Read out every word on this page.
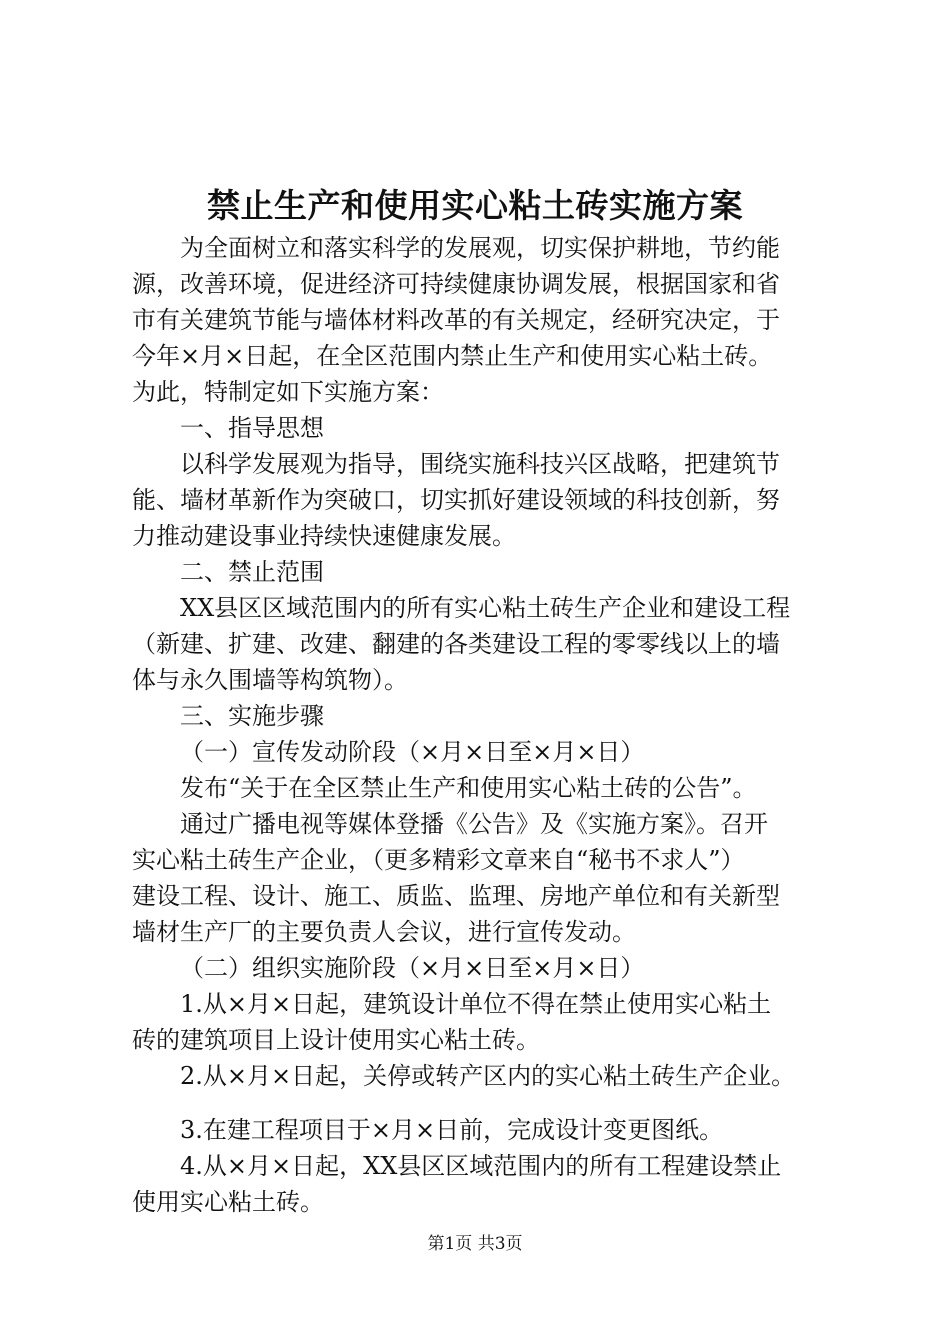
禁止生产和使用实心粘土砖实施方案
为全面树立和落实科学的发展观，切实保护耕地，节约能
源，改善环境，促进经济可持续健康协调发展，根据国家和省
市有关建筑节能与墙体材料改革的有关规定，经研究决定，于
今年×月×日起，在全区范围内禁止生产和使用实心粘土砖。
为此，特制定如下实施方案：
一、指导思想
以科学发展观为指导，围绕实施科技兴区战略，把建筑节
能、墙材革新作为突破口，切实抓好建设领域的科技创新，努
力推动建设事业持续快速健康发展。
二、禁止范围
XX县区区域范围内的所有实心粘土砖生产企业和建设工程
（新建、扩建、改建、翻建的各类建设工程的零零线以上的墙
体与永久围墙等构筑物）。
三、实施步骤
（一）宣传发动阶段（×月×日至×月×日）
发布“关于在全区禁止生产和使用实心粘土砖的公告”。
通过广播电视等媒体登播《公告》及《实施方案》。召开
实心粘土砖生产企业，（更多精彩文章来自“秘书不求人”）
建设工程、设计、施工、质监、监理、房地产单位和有关新型
墙材生产厂的主要负责人会议，进行宣传发动。
（二）组织实施阶段（×月×日至×月×日）
1.从×月×日起，建筑设计单位不得在禁止使用实心粘土
砖的建筑项目上设计使用实心粘土砖。
2.从×月×日起，关停或转产区内的实心粘土砖生产企业。
3.在建工程项目于×月×日前，完成设计变更图纸。
4.从×月×日起，XX县区区域范围内的所有工程建设禁止
使用实心粘土砖。
第1页 共3页
